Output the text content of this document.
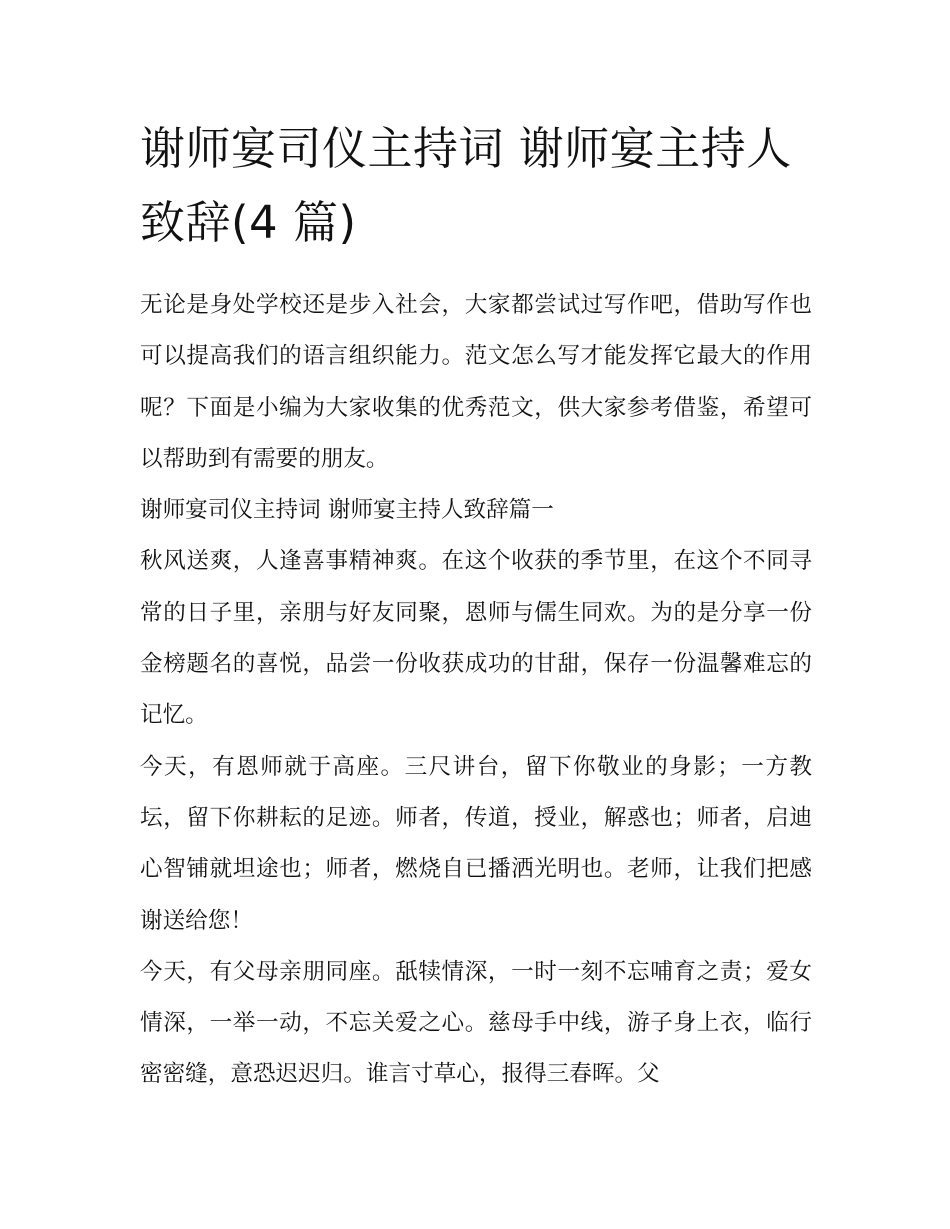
谢师宴司仪主持词 谢师宴主持人致辞(4 篇)

无论是身处学校还是步入社会，大家都尝试过写作吧，借助写作也可以提高我们的语言组织能力。范文怎么写才能发挥它最大的作用呢？下面是小编为大家收集的优秀范文，供大家参考借鉴，希望可以帮助到有需要的朋友。

谢师宴司仪主持词 谢师宴主持人致辞篇一

秋风送爽，人逢喜事精神爽。在这个收获的季节里，在这个不同寻常的日子里，亲朋与好友同聚，恩师与儒生同欢。为的是分享一份金榜题名的喜悦，品尝一份收获成功的甘甜，保存一份温馨难忘的记忆。

今天，有恩师就于高座。三尺讲台，留下你敬业的身影；一方教坛，留下你耕耘的足迹。师者，传道，授业，解惑也；师者，启迪心智铺就坦途也；师者，燃烧自已播洒光明也。老师，让我们把感谢送给您！

今天，有父母亲朋同座。舐犊情深，一时一刻不忘哺育之责；爱女情深，一举一动，不忘关爱之心。慈母手中线，游子身上衣，临行密密缝，意恐迟迟归。谁言寸草心，报得三春晖。父
